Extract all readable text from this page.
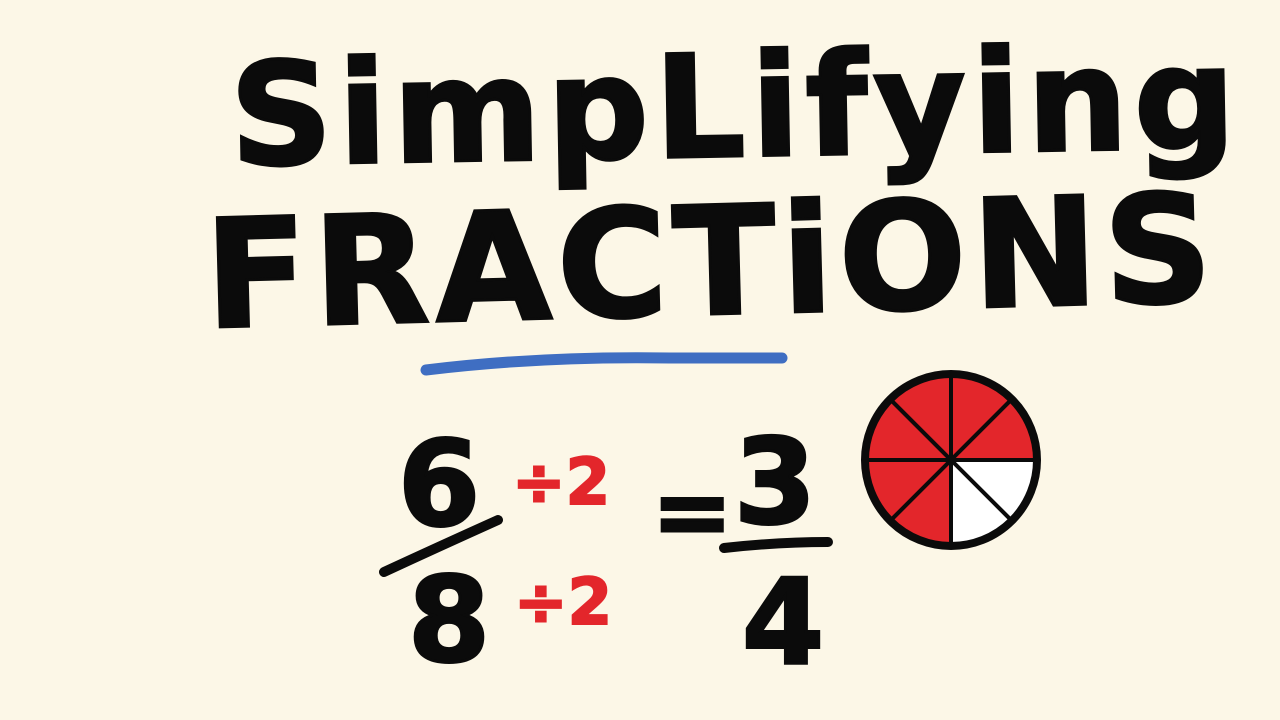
SimpLifying
FRACTiONS
6
8
÷2
÷2
= 3
4
